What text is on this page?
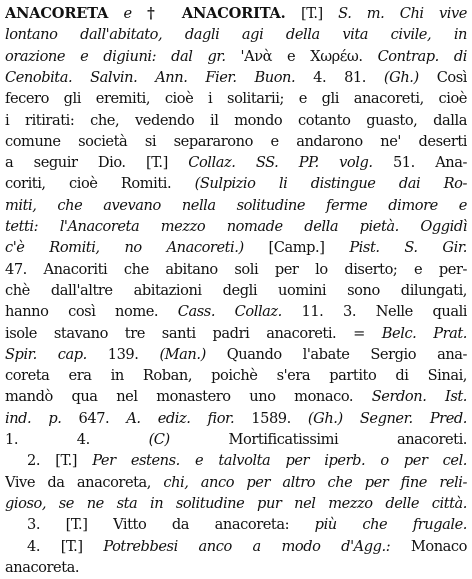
ANACORETA e † ANACORITA. [T.] S. m. Chi vive
lontano dall'abitato, dagli agi della vita civile, in
orazione e digiuni: dal gr. 'Ανὰ e Χωρέω. Contrap. di
Cenobita. Salvin. Ann. Fier. Buon. 4. 81. (Gh.) Così
fecero gli eremiti, cioè i solitarii; e gli anacoreti, cioè
i ritirati: che, vedendo il mondo cotanto guasto, dalla
comune società si separarono e andarono ne' deserti
a seguir Dio. [T.] Collaz. SS. PP. volg. 51. Ana-
coriti, cioè Romiti. (Sulpizio li distingue dai Ro-
miti, che avevano nella solitudine ferme dimore e
tetti: l'Anacoreta mezzo nomade della pietà. Oggidì
c'è Romiti, no Anacoreti.) [Camp.] Pist. S. Gir.
47. Anacoriti che abitano soli per lo diserto; e per-
chè dall'altre abitazioni degli uomini sono dilungati,
hanno così nome. Cass. Collaz. 11. 3. Nelle quali
isole stavano tre santi padri anacoreti. = Belc. Prat.
Spir. cap. 139. (Man.) Quando l'abate Sergio ana-
coreta era in Roban, poichè s'era partito di Sinai,
mandò qua nel monastero uno monaco. Serdon. Ist.
ind. p. 647. A. ediz. fior. 1589. (Gh.) Segner. Pred.
1. 4. (C) Mortificatissimi anacoreti.
2. [T.] Per estens. e talvolta per iperb. o per cel.
Vive da anacoreta, chi, anco per altro che per fine reli-
gioso, se ne sta in solitudine pur nel mezzo delle città.
3. [T.] Vitto da anacoreta: più che frugale.
4. [T.] Potrebbesi anco a modo d'Agg.: Monaco
anacoreta.
